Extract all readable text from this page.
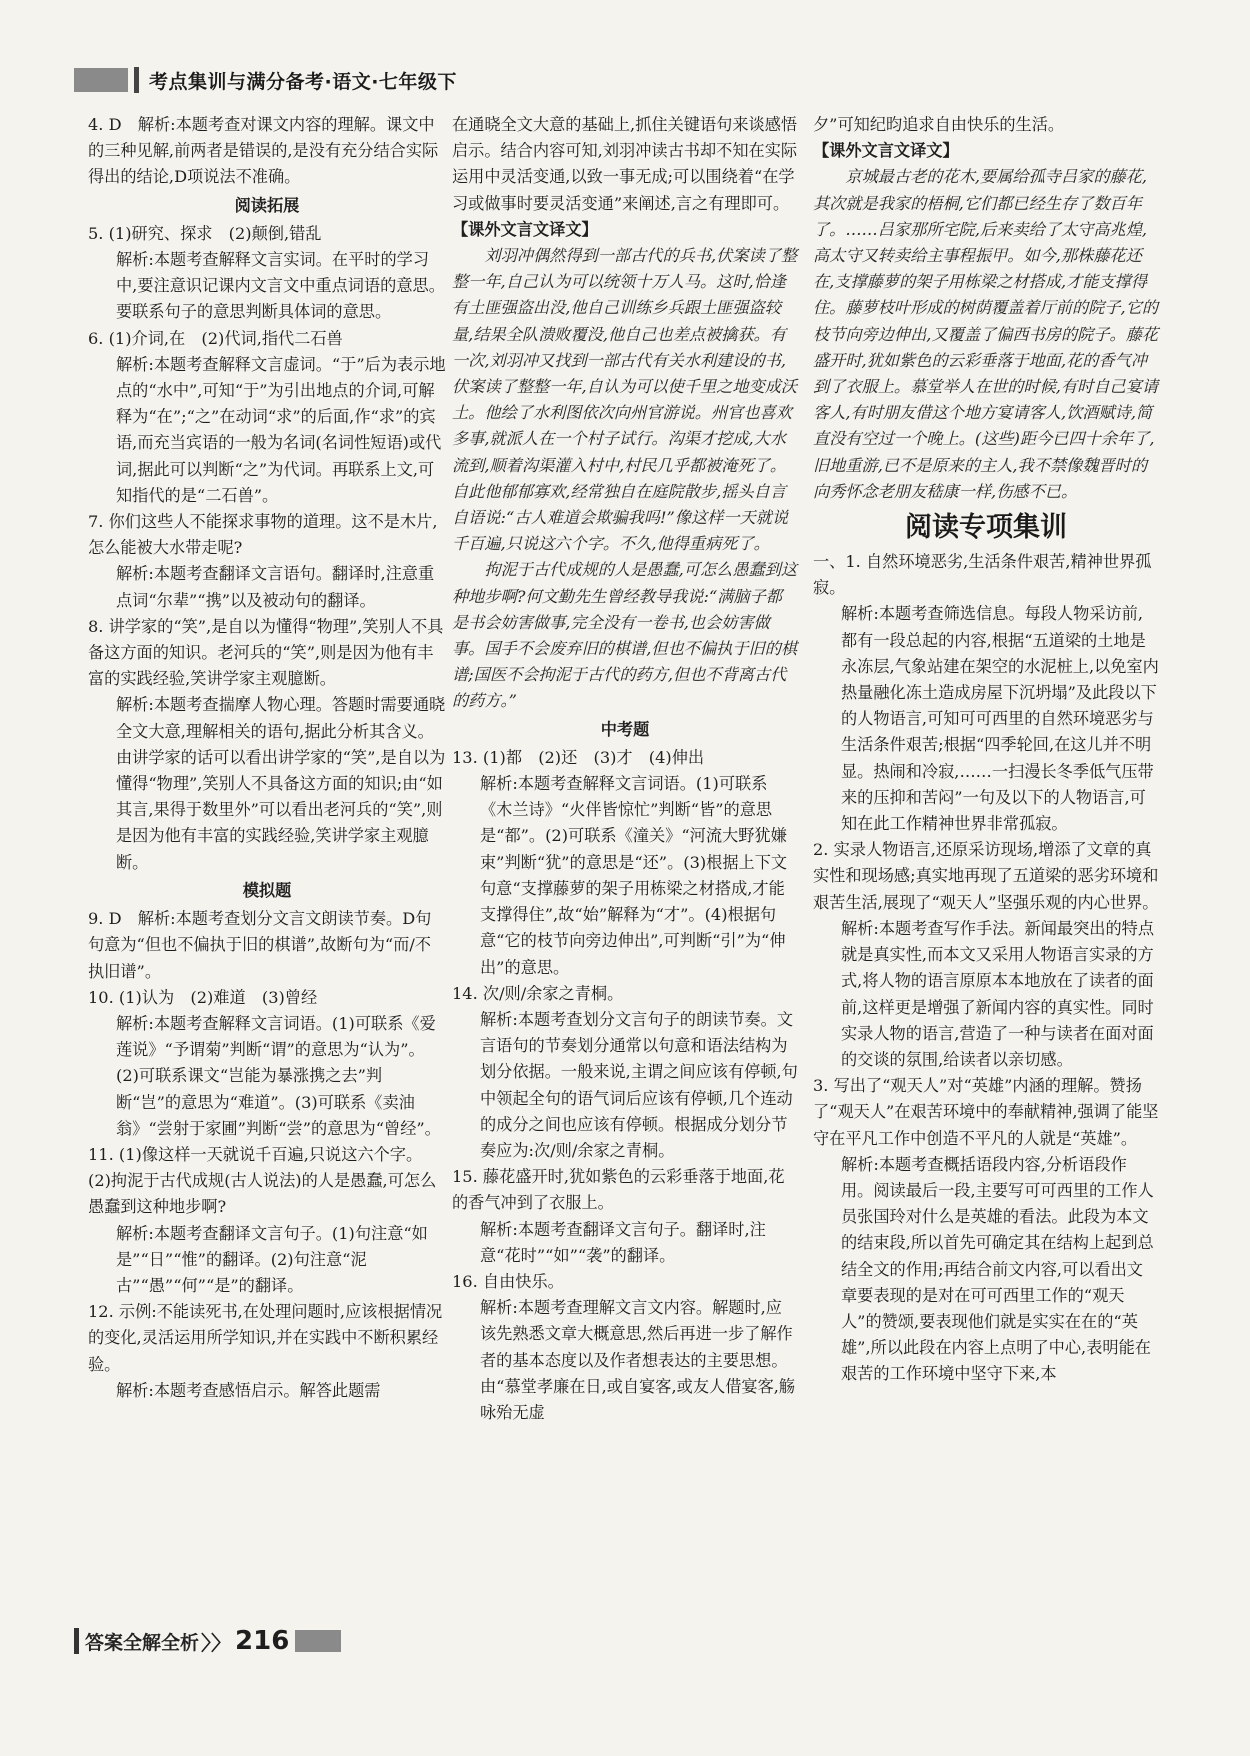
考点集训与满分备考·语文·七年级下

4. D　解析:本题考查对课文内容的理解。课文中的三种见解,前两者是错误的,是没有充分结合实际得出的结论,D项说法不准确。

阅读拓展

5. (1)研究、探求　(2)颠倒,错乱

解析:本题考查解释文言实词。在平时的学习中,要注意识记课内文言文中重点词语的意思。要联系句子的意思判断具体词的意思。

6. (1)介词,在　(2)代词,指代二石兽

解析:本题考查解释文言虚词。“于”后为表示地点的“水中”,可知“于”为引出地点的介词,可解释为“在”;“之”在动词“求”的后面,作“求”的宾语,而充当宾语的一般为名词(名词性短语)或代词,据此可以判断“之”为代词。再联系上文,可知指代的是“二石兽”。

7. 你们这些人不能探求事物的道理。这不是木片,怎么能被大水带走呢?

解析:本题考查翻译文言语句。翻译时,注意重点词“尔辈”“携”以及被动句的翻译。

8. 讲学家的“笑”,是自以为懂得“物理”,笑别人不具备这方面的知识。老河兵的“笑”,则是因为他有丰富的实践经验,笑讲学家主观臆断。

解析:本题考查揣摩人物心理。答题时需要通晓全文大意,理解相关的语句,据此分析其含义。由讲学家的话可以看出讲学家的“笑”,是自以为懂得“物理”,笑别人不具备这方面的知识;由“如其言,果得于数里外”可以看出老河兵的“笑”,则是因为他有丰富的实践经验,笑讲学家主观臆断。

模拟题

9. D　解析:本题考查划分文言文朗读节奏。D句句意为“但也不偏执于旧的棋谱”,故断句为“而/不执旧谱”。

10. (1)认为　(2)难道　(3)曾经

解析:本题考查解释文言词语。(1)可联系《爱莲说》“予谓菊”判断“谓”的意思为“认为”。(2)可联系课文“岂能为暴涨携之去”判断“岂”的意思为“难道”。(3)可联系《卖油翁》“尝射于家圃”判断“尝”的意思为“曾经”。

11. (1)像这样一天就说千百遍,只说这六个字。　(2)拘泥于古代成规(古人说法)的人是愚蠢,可怎么愚蠢到这种地步啊?

解析:本题考查翻译文言句子。(1)句注意“如是”“日”“惟”的翻译。(2)句注意“泥古”“愚”“何”“是”的翻译。

12. 示例:不能读死书,在处理问题时,应该根据情况的变化,灵活运用所学知识,并在实践中不断积累经验。

解析:本题考查感悟启示。解答此题需

在通晓全文大意的基础上,抓住关键语句来谈感悟启示。结合内容可知,刘羽冲读古书却不知在实际运用中灵活变通,以致一事无成;可以围绕着“在学习或做事时要灵活变通”来阐述,言之有理即可。

【课外文言文译文】

刘羽冲偶然得到一部古代的兵书,伏案读了整整一年,自己认为可以统领十万人马。这时,恰逢有土匪强盗出没,他自己训练乡兵跟土匪强盗较量,结果全队溃败覆没,他自己也差点被擒获。有一次,刘羽冲又找到一部古代有关水利建设的书,伏案读了整整一年,自认为可以使千里之地变成沃土。他绘了水利图依次向州官游说。州官也喜欢多事,就派人在一个村子试行。沟渠才挖成,大水流到,顺着沟渠灌入村中,村民几乎都被淹死了。自此他郁郁寡欢,经常独自在庭院散步,摇头自言自语说:“古人难道会欺骗我吗!”像这样一天就说千百遍,只说这六个字。不久,他得重病死了。

拘泥于古代成规的人是愚蠢,可怎么愚蠢到这种地步啊?何文勤先生曾经教导我说:“满脑子都是书会妨害做事,完全没有一卷书,也会妨害做事。国手不会废弃旧的棋谱,但也不偏执于旧的棋谱;国医不会拘泥于古代的药方,但也不背离古代的药方。”

中考题

13. (1)都　(2)还　(3)才　(4)伸出

解析:本题考查解释文言词语。(1)可联系《木兰诗》“火伴皆惊忙”判断“皆”的意思是“都”。(2)可联系《潼关》“河流大野犹嫌束”判断“犹”的意思是“还”。(3)根据上下文句意“支撑藤萝的架子用栋梁之材搭成,才能支撑得住”,故“始”解释为“才”。(4)根据句意“它的枝节向旁边伸出”,可判断“引”为“伸出”的意思。

14. 次/则/余家之青桐。

解析:本题考查划分文言句子的朗读节奏。文言语句的节奏划分通常以句意和语法结构为划分依据。一般来说,主谓之间应该有停顿,句中领起全句的语气词后应该有停顿,几个连动的成分之间也应该有停顿。根据成分划分节奏应为:次/则/余家之青桐。

15. 藤花盛开时,犹如紫色的云彩垂落于地面,花的香气冲到了衣服上。

解析:本题考查翻译文言句子。翻译时,注意“花时”“如”“袭”的翻译。

16. 自由快乐。

解析:本题考查理解文言文内容。解题时,应该先熟悉文章大概意思,然后再进一步了解作者的基本态度以及作者想表达的主要思想。由“慕堂孝廉在日,或自宴客,或友人借宴客,觞咏殆无虚

夕”可知纪昀追求自由快乐的生活。

【课外文言文译文】

京城最古老的花木,要属给孤寺吕家的藤花,其次就是我家的梧桐,它们都已经生存了数百年了。……吕家那所宅院,后来卖给了太守高兆煌,高太守又转卖给主事程振甲。如今,那株藤花还在,支撑藤萝的架子用栋梁之材搭成,才能支撑得住。藤萝枝叶形成的树荫覆盖着厅前的院子,它的枝节向旁边伸出,又覆盖了偏西书房的院子。藤花盛开时,犹如紫色的云彩垂落于地面,花的香气冲到了衣服上。慕堂举人在世的时候,有时自己宴请客人,有时朋友借这个地方宴请客人,饮酒赋诗,简直没有空过一个晚上。(这些)距今已四十余年了,旧地重游,已不是原来的主人,我不禁像魏晋时的向秀怀念老朋友嵇康一样,伤感不已。

阅读专项集训

一、1. 自然环境恶劣,生活条件艰苦,精神世界孤寂。

解析:本题考查筛选信息。每段人物采访前,都有一段总起的内容,根据“五道梁的土地是永冻层,气象站建在架空的水泥桩上,以免室内热量融化冻土造成房屋下沉坍塌”及此段以下的人物语言,可知可可西里的自然环境恶劣与生活条件艰苦;根据“四季轮回,在这儿并不明显。热闹和冷寂,……一扫漫长冬季低气压带来的压抑和苦闷”一句及以下的人物语言,可知在此工作精神世界非常孤寂。

2. 实录人物语言,还原采访现场,增添了文章的真实性和现场感;真实地再现了五道梁的恶劣环境和艰苦生活,展现了“观天人”坚强乐观的内心世界。

解析:本题考查写作手法。新闻最突出的特点就是真实性,而本文又采用人物语言实录的方式,将人物的语言原原本本地放在了读者的面前,这样更是增强了新闻内容的真实性。同时实录人物的语言,营造了一种与读者在面对面的交谈的氛围,给读者以亲切感。

3. 写出了“观天人”对“英雄”内涵的理解。赞扬了“观天人”在艰苦环境中的奉献精神,强调了能坚守在平凡工作中创造不平凡的人就是“英雄”。

解析:本题考查概括语段内容,分析语段作用。阅读最后一段,主要写可可西里的工作人员张国玲对什么是英雄的看法。此段为本文的结束段,所以首先可确定其在结构上起到总结全文的作用;再结合前文内容,可以看出文章要表现的是对在可可西里工作的“观天人”的赞颂,要表现他们就是实实在在的“英雄”,所以此段在内容上点明了中心,表明能在艰苦的工作环境中坚守下来,本

答案全解全析 〉〉 216
